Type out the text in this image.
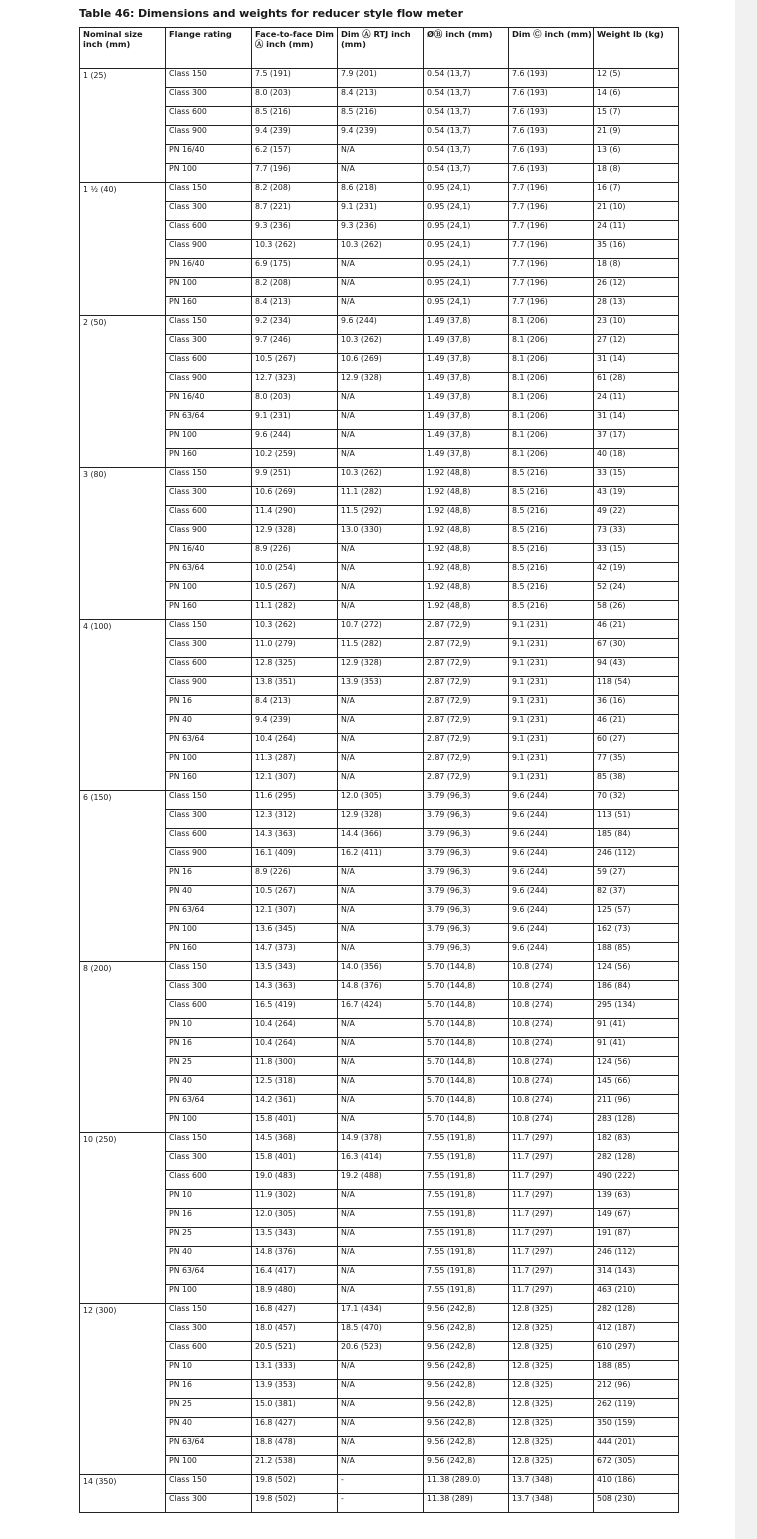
Table 46: Dimensions and weights for reducer style flow meter
Nominal size inch (mm)	Flange rating	Face-to-face Dim Ⓐ inch (mm)	Dim Ⓐ RTJ inch (mm)	ØⒷ inch (mm)	Dim Ⓒ inch (mm)	Weight lb (kg)
1 (25)	Class 150	7.5 (191)	7.9 (201)	0.54 (13,7)	7.6 (193)	12 (5)
	Class 300	8.0 (203)	8.4 (213)	0.54 (13,7)	7.6 (193)	14 (6)
	Class 600	8.5 (216)	8.5 (216)	0.54 (13,7)	7.6 (193)	15 (7)
	Class 900	9.4 (239)	9.4 (239)	0.54 (13,7)	7.6 (193)	21 (9)
	PN 16/40	6.2 (157)	N/A	0.54 (13,7)	7.6 (193)	13 (6)
	PN 100	7.7 (196)	N/A	0.54 (13,7)	7.6 (193)	18 (8)
1 ½ (40)	Class 150	8.2 (208)	8.6 (218)	0.95 (24,1)	7.7 (196)	16 (7)
	Class 300	8.7 (221)	9.1 (231)	0.95 (24,1)	7.7 (196)	21 (10)
	Class 600	9.3 (236)	9.3 (236)	0.95 (24,1)	7.7 (196)	24 (11)
	Class 900	10.3 (262)	10.3 (262)	0.95 (24,1)	7.7 (196)	35 (16)
	PN 16/40	6.9 (175)	N/A	0.95 (24,1)	7.7 (196)	18 (8)
	PN 100	8.2 (208)	N/A	0.95 (24,1)	7.7 (196)	26 (12)
	PN 160	8.4 (213)	N/A	0.95 (24,1)	7.7 (196)	28 (13)
2 (50)	Class 150	9.2 (234)	9.6 (244)	1.49 (37,8)	8.1 (206)	23 (10)
	Class 300	9.7 (246)	10.3 (262)	1.49 (37,8)	8.1 (206)	27 (12)
	Class 600	10.5 (267)	10.6 (269)	1.49 (37,8)	8.1 (206)	31 (14)
	Class 900	12.7 (323)	12.9 (328)	1.49 (37,8)	8.1 (206)	61 (28)
	PN 16/40	8.0 (203)	N/A	1.49 (37,8)	8.1 (206)	24 (11)
	PN 63/64	9.1 (231)	N/A	1.49 (37,8)	8.1 (206)	31 (14)
	PN 100	9.6 (244)	N/A	1.49 (37,8)	8.1 (206)	37 (17)
	PN 160	10.2 (259)	N/A	1.49 (37,8)	8.1 (206)	40 (18)
3 (80)	Class 150	9.9 (251)	10.3 (262)	1.92 (48,8)	8.5 (216)	33 (15)
	Class 300	10.6 (269)	11.1 (282)	1.92 (48,8)	8.5 (216)	43 (19)
	Class 600	11.4 (290)	11.5 (292)	1.92 (48,8)	8.5 (216)	49 (22)
	Class 900	12.9 (328)	13.0 (330)	1.92 (48,8)	8.5 (216)	73 (33)
	PN 16/40	8.9 (226)	N/A	1.92 (48,8)	8.5 (216)	33 (15)
	PN 63/64	10.0 (254)	N/A	1.92 (48,8)	8.5 (216)	42 (19)
	PN 100	10.5 (267)	N/A	1.92 (48,8)	8.5 (216)	52 (24)
	PN 160	11.1 (282)	N/A	1.92 (48,8)	8.5 (216)	58 (26)
4 (100)	Class 150	10.3 (262)	10.7 (272)	2.87 (72,9)	9.1 (231)	46 (21)
	Class 300	11.0 (279)	11.5 (282)	2.87 (72,9)	9.1 (231)	67 (30)
	Class 600	12.8 (325)	12.9 (328)	2.87 (72,9)	9.1 (231)	94 (43)
	Class 900	13.8 (351)	13.9 (353)	2.87 (72,9)	9.1 (231)	118 (54)
	PN 16	8.4 (213)	N/A	2.87 (72,9)	9.1 (231)	36 (16)
	PN 40	9.4 (239)	N/A	2.87 (72,9)	9.1 (231)	46 (21)
	PN 63/64	10.4 (264)	N/A	2.87 (72,9)	9.1 (231)	60 (27)
	PN 100	11.3 (287)	N/A	2.87 (72,9)	9.1 (231)	77 (35)
	PN 160	12.1 (307)	N/A	2.87 (72,9)	9.1 (231)	85 (38)
6 (150)	Class 150	11.6 (295)	12.0 (305)	3.79 (96,3)	9.6 (244)	70 (32)
	Class 300	12.3 (312)	12.9 (328)	3.79 (96,3)	9.6 (244)	113 (51)
	Class 600	14.3 (363)	14.4 (366)	3.79 (96,3)	9.6 (244)	185 (84)
	Class 900	16.1 (409)	16.2 (411)	3.79 (96,3)	9.6 (244)	246 (112)
	PN 16	8.9 (226)	N/A	3.79 (96,3)	9.6 (244)	59 (27)
	PN 40	10.5 (267)	N/A	3.79 (96,3)	9.6 (244)	82 (37)
	PN 63/64	12.1 (307)	N/A	3.79 (96,3)	9.6 (244)	125 (57)
	PN 100	13.6 (345)	N/A	3.79 (96,3)	9.6 (244)	162 (73)
	PN 160	14.7 (373)	N/A	3.79 (96,3)	9.6 (244)	188 (85)
8 (200)	Class 150	13.5 (343)	14.0 (356)	5.70 (144,8)	10.8 (274)	124 (56)
	Class 300	14.3 (363)	14.8 (376)	5.70 (144,8)	10.8 (274)	186 (84)
	Class 600	16.5 (419)	16.7 (424)	5.70 (144,8)	10.8 (274)	295 (134)
	PN 10	10.4 (264)	N/A	5.70 (144,8)	10.8 (274)	91 (41)
	PN 16	10.4 (264)	N/A	5.70 (144,8)	10.8 (274)	91 (41)
	PN 25	11.8 (300)	N/A	5.70 (144,8)	10.8 (274)	124 (56)
	PN 40	12.5 (318)	N/A	5.70 (144,8)	10.8 (274)	145 (66)
	PN 63/64	14.2 (361)	N/A	5.70 (144,8)	10.8 (274)	211 (96)
	PN 100	15.8 (401)	N/A	5.70 (144,8)	10.8 (274)	283 (128)
10 (250)	Class 150	14.5 (368)	14.9 (378)	7.55 (191,8)	11.7 (297)	182 (83)
	Class 300	15.8 (401)	16.3 (414)	7.55 (191,8)	11.7 (297)	282 (128)
	Class 600	19.0 (483)	19.2 (488)	7.55 (191,8)	11.7 (297)	490 (222)
	PN 10	11.9 (302)	N/A	7.55 (191,8)	11.7 (297)	139 (63)
	PN 16	12.0 (305)	N/A	7.55 (191,8)	11.7 (297)	149 (67)
	PN 25	13.5 (343)	N/A	7.55 (191,8)	11.7 (297)	191 (87)
	PN 40	14.8 (376)	N/A	7.55 (191,8)	11.7 (297)	246 (112)
	PN 63/64	16.4 (417)	N/A	7.55 (191,8)	11.7 (297)	314 (143)
	PN 100	18.9 (480)	N/A	7.55 (191,8)	11.7 (297)	463 (210)
12 (300)	Class 150	16.8 (427)	17.1 (434)	9.56 (242,8)	12.8 (325)	282 (128)
	Class 300	18.0 (457)	18.5 (470)	9.56 (242,8)	12.8 (325)	412 (187)
	Class 600	20.5 (521)	20.6 (523)	9.56 (242,8)	12.8 (325)	610 (297)
	PN 10	13.1 (333)	N/A	9.56 (242,8)	12.8 (325)	188 (85)
	PN 16	13.9 (353)	N/A	9.56 (242,8)	12.8 (325)	212 (96)
	PN 25	15.0 (381)	N/A	9.56 (242,8)	12.8 (325)	262 (119)
	PN 40	16.8 (427)	N/A	9.56 (242,8)	12.8 (325)	350 (159)
	PN 63/64	18.8 (478)	N/A	9.56 (242,8)	12.8 (325)	444 (201)
	PN 100	21.2 (538)	N/A	9.56 (242,8)	12.8 (325)	672 (305)
14 (350)	Class 150	19.8 (502)	-	11.38 (289.0)	13.7 (348)	410 (186)
	Class 300	19.8 (502)	-	11.38 (289)	13.7 (348)	508 (230)
